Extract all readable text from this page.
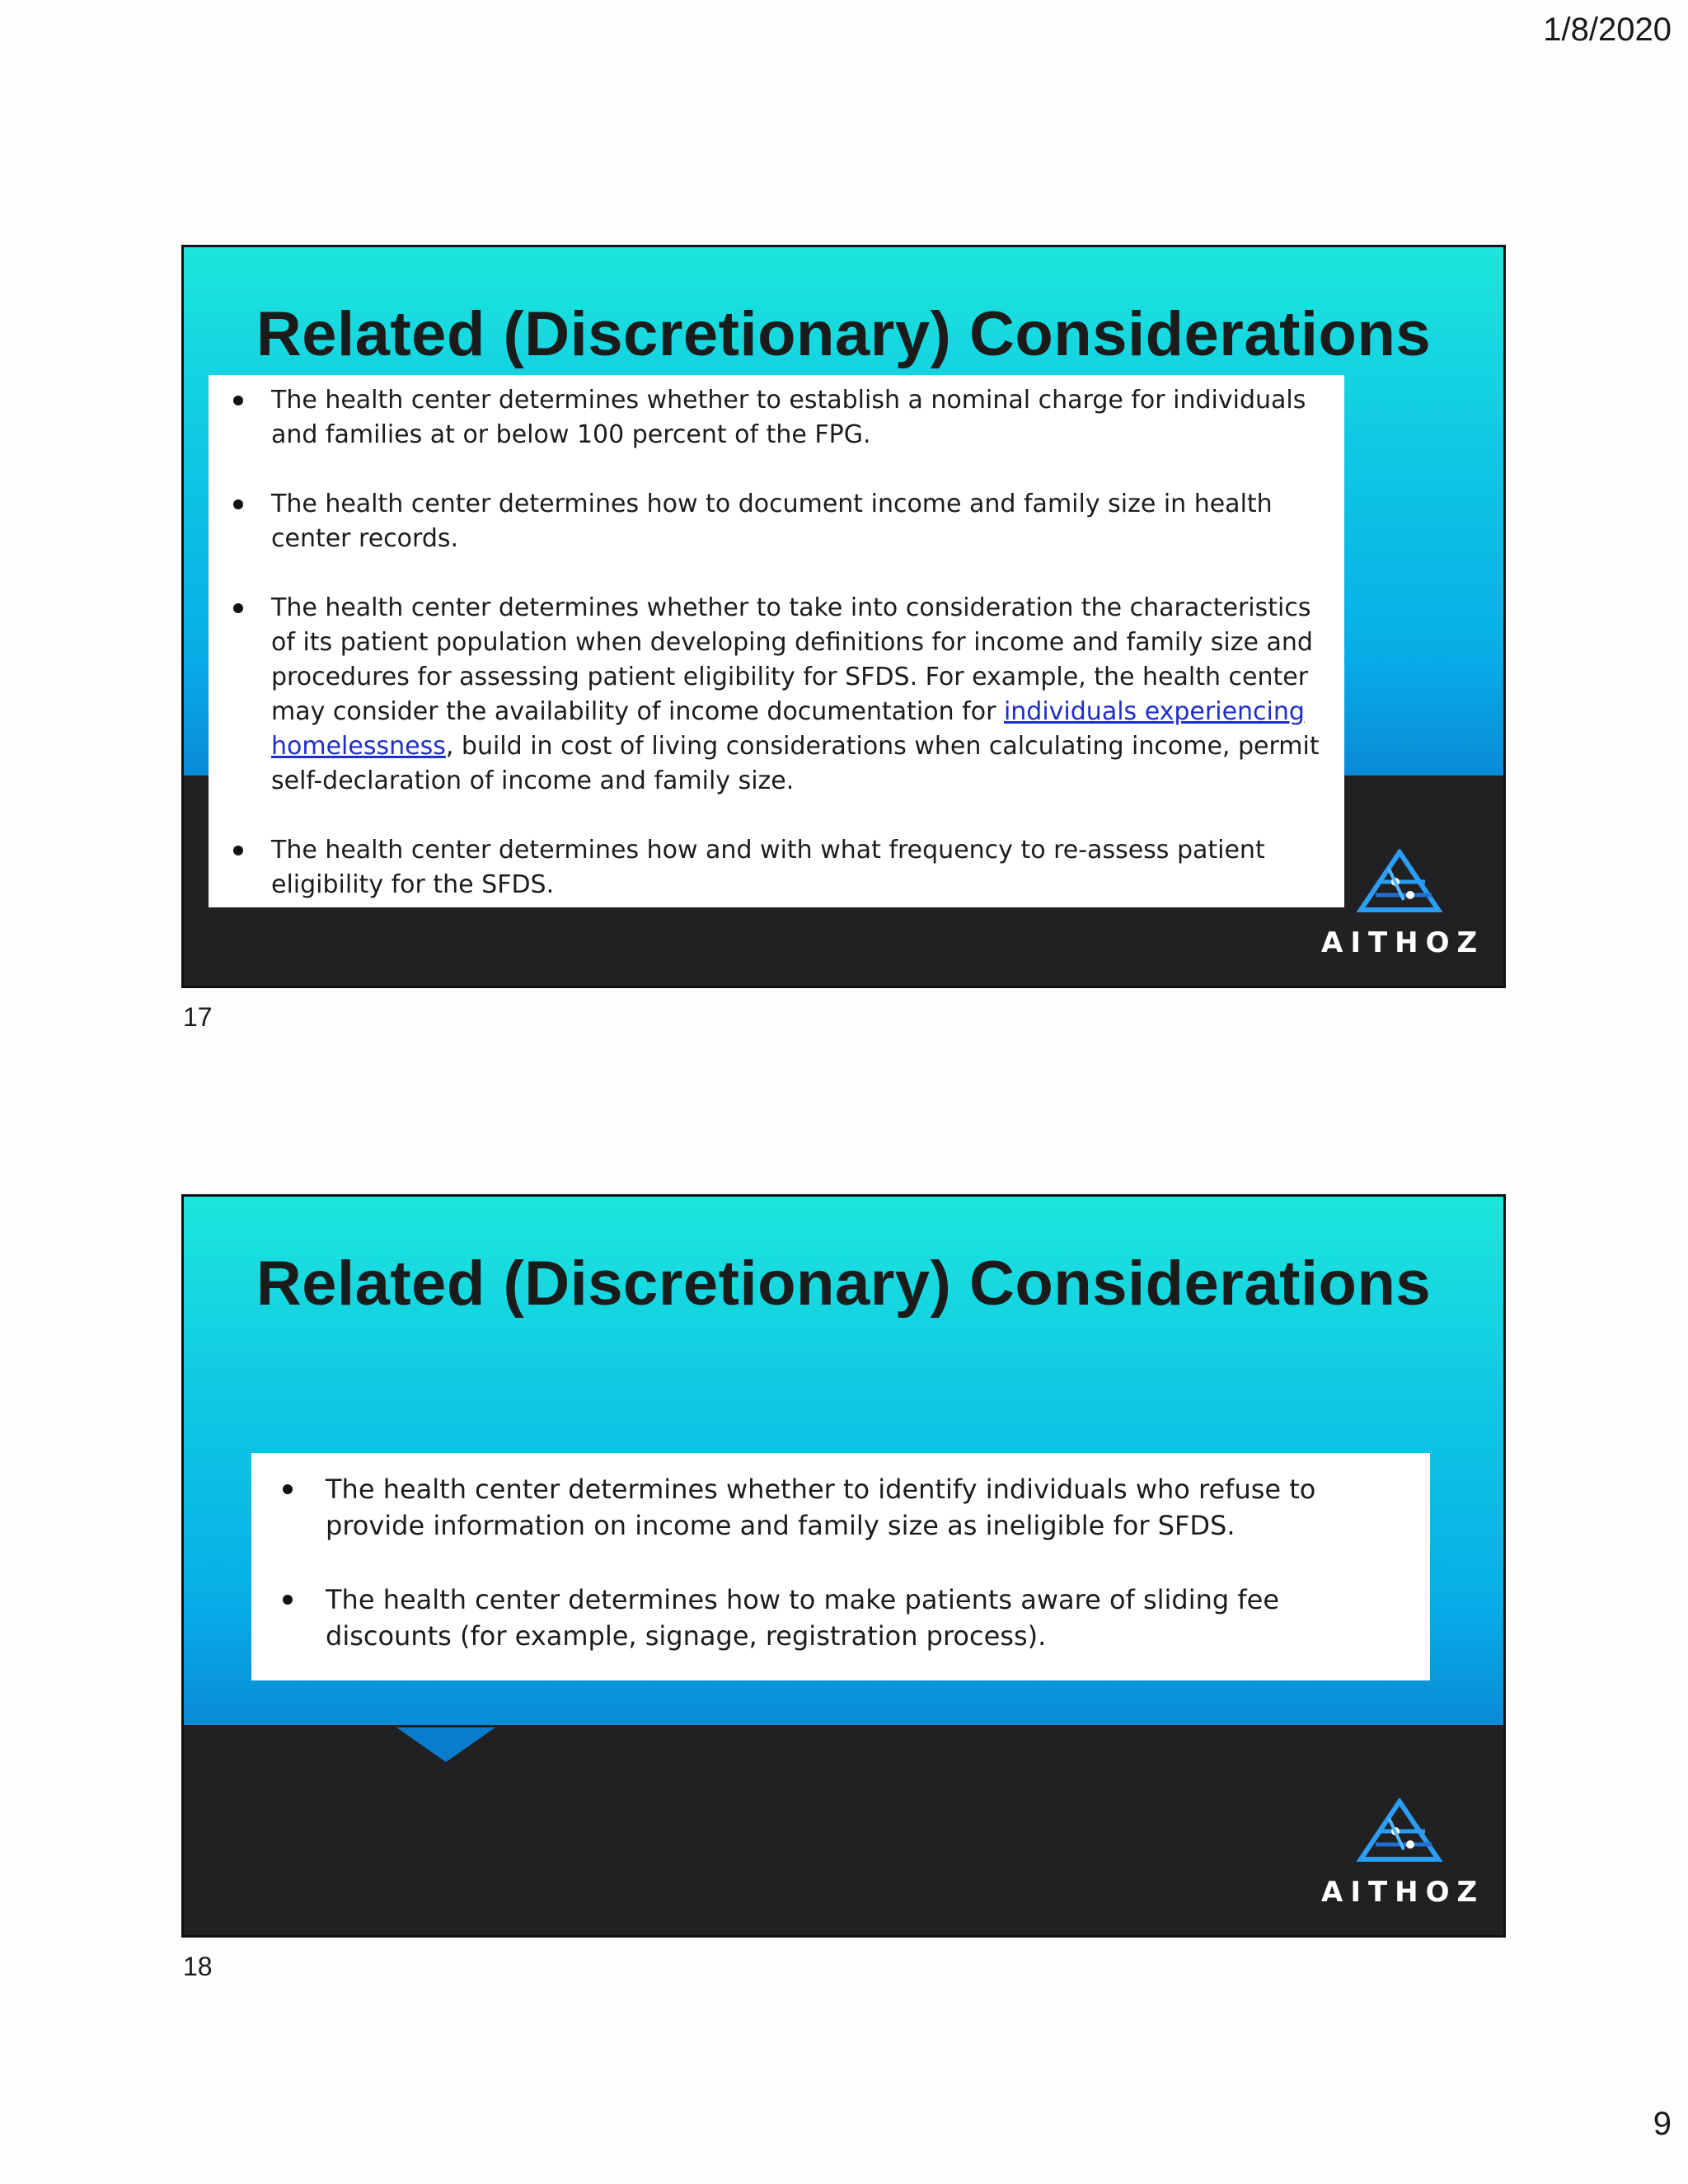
1/8/2020
Related (Discretionary) Considerations
The health center determines whether to establish a nominal charge for individuals and families at or below 100 percent of the FPG.
The health center determines how to document income and family size in health center records.
The health center determines whether to take into consideration the characteristics of its patient population when developing definitions for income and family size and procedures for assessing patient eligibility for SFDS. For example, the health center may consider the availability of income documentation for individuals experiencing homelessness, build in cost of living considerations when calculating income, permit self-declaration of income and family size.
The health center determines how and with what frequency to re-assess patient eligibility for the SFDS.
AITHOZ
17
Related (Discretionary) Considerations
The health center determines whether to identify individuals who refuse to provide information on income and family size as ineligible for SFDS.
The health center determines how to make patients aware of sliding fee discounts (for example, signage, registration process).
AITHOZ
18
9
